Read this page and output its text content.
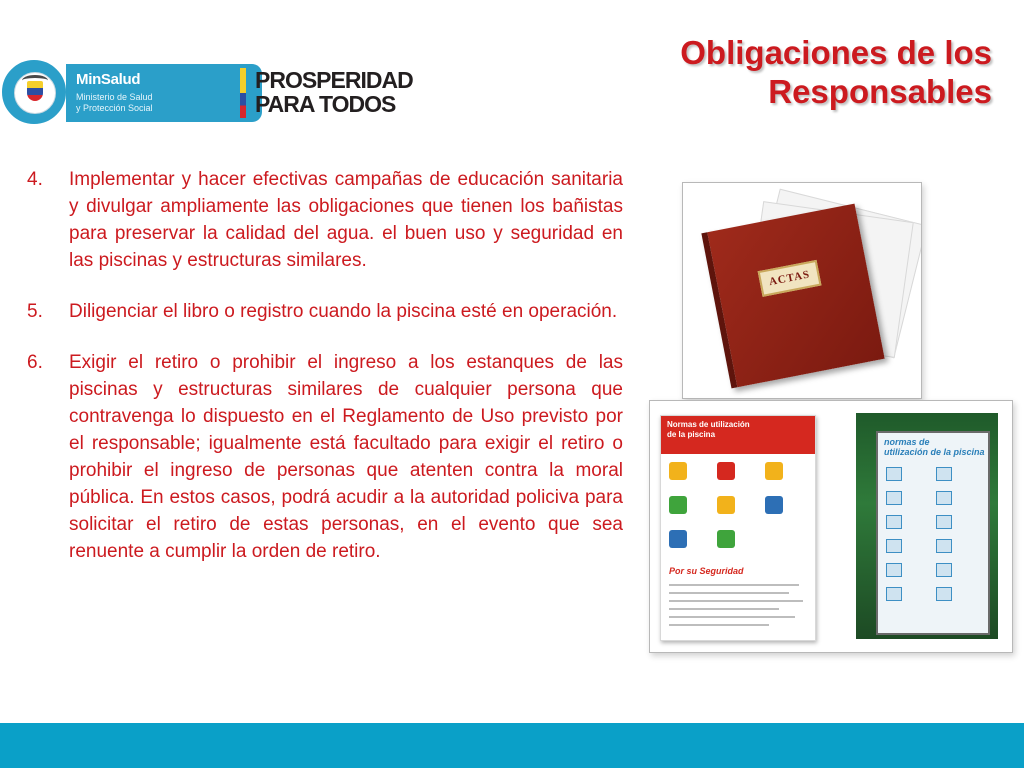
MinSalud
Ministerio de Salud
y Protección Social
PROSPERIDAD
PARA TODOS
Obligaciones de los
Responsables
4. Implementar y hacer efectivas campañas de educación sanitaria y divulgar ampliamente las obligaciones que tienen los bañistas para preservar la calidad del agua. el buen uso y seguridad en las piscinas y estructuras similares.
5. Diligenciar el libro o registro cuando la piscina esté en operación.
6. Exigir el retiro o prohibir el ingreso a los estanques de las piscinas y estructuras similares de cualquier persona que contravenga lo dispuesto en el Reglamento de Uso previsto por el responsable; igualmente está facultado para exigir el retiro o prohibir el ingreso de personas que atenten contra la moral pública. En estos casos, podrá acudir a la autoridad policiva para solicitar el retiro de estas personas, en el evento que sea renuente a cumplir la orden de retiro.
ACTAS
Normas de utilización
de la piscina
Por su Seguridad
normas de
utilización de la piscina
